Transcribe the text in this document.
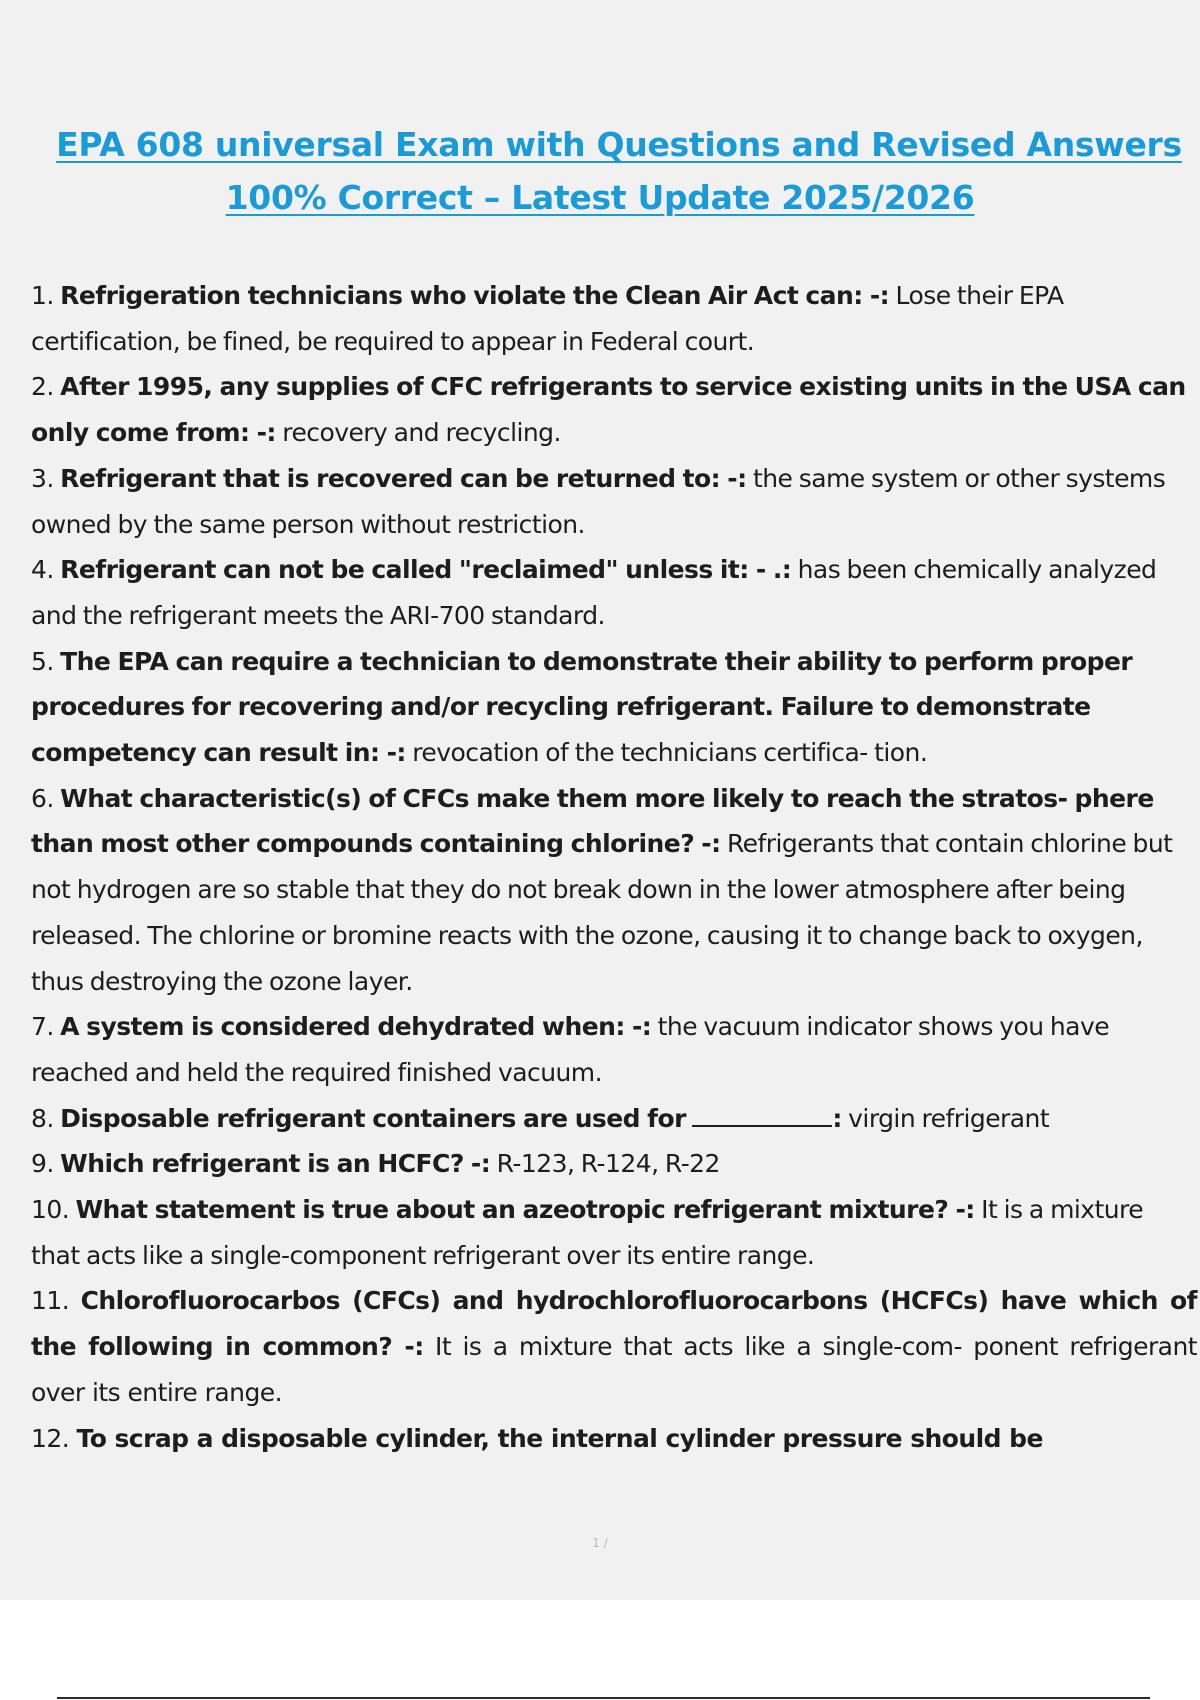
EPA 608 universal Exam with Questions and Revised Answers
100% Correct – Latest Update 2025/2026

1. Refrigeration technicians who violate the Clean Air Act can: -: Lose their EPA certification, be fined, be required to appear in Federal court.

2. After 1995, any supplies of CFC refrigerants to service existing units in the USA can only come from: -: recovery and recycling.

3. Refrigerant that is recovered can be returned to: -: the same system or other systems owned by the same person without restriction.

4. Refrigerant can not be called "reclaimed" unless it: - .: has been chemically analyzed and the refrigerant meets the ARI-700 standard.

5. The EPA can require a technician to demonstrate their ability to perform proper procedures for recovering and/or recycling refrigerant. Failure to demonstrate competency can result in: -: revocation of the technicians certifica- tion.

6. What characteristic(s) of CFCs make them more likely to reach the stratos- phere than most other compounds containing chlorine? -: Refrigerants that contain chlorine but not hydrogen are so stable that they do not break down in the lower atmosphere after being released. The chlorine or bromine reacts with the ozone, causing it to change back to oxygen, thus destroying the ozone layer.

7. A system is considered dehydrated when: -: the vacuum indicator shows you have reached and held the required finished vacuum.

8. Disposable refrigerant containers are used for	: virgin refrigerant

9. Which refrigerant is an HCFC? -: R-123, R-124, R-22

10. What statement is true about an azeotropic refrigerant mixture? -: It is a mixture that acts like a single-component refrigerant over its entire range.

11. Chlorofluorocarbos (CFCs) and hydrochlorofluorocarbons (HCFCs) have which of the following in common? -: It is a mixture that acts like a single-com- ponent refrigerant over its entire range.

12. To scrap a disposable cylinder, the internal cylinder pressure should be

1 /
